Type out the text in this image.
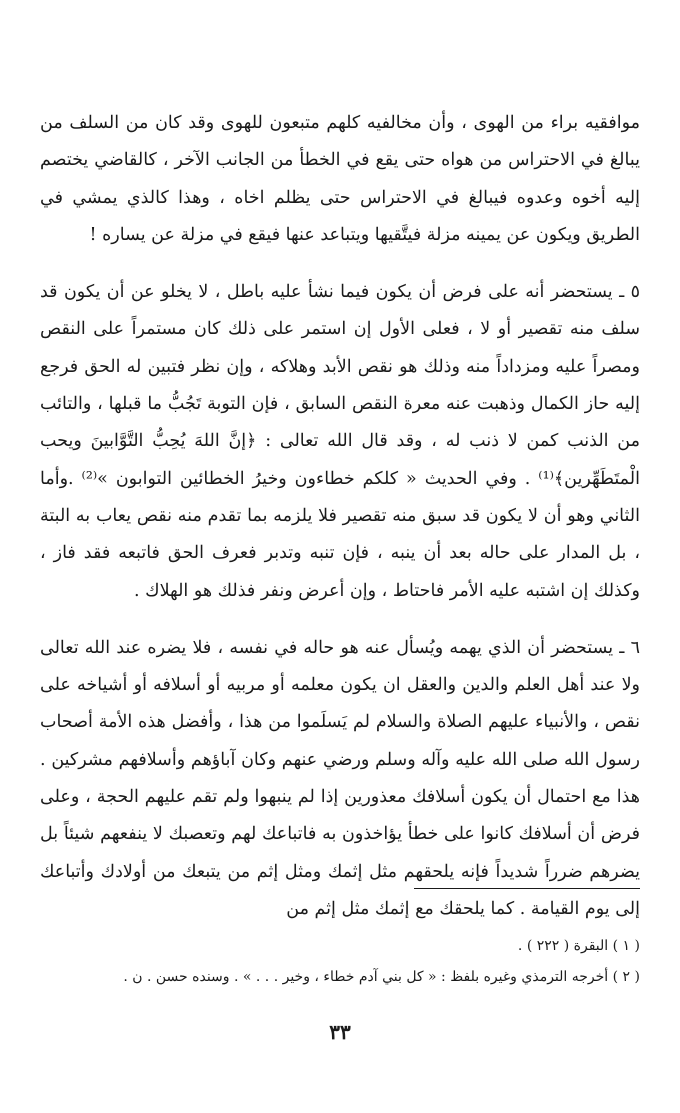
موافقيه براء من الهوى ، وأن مخالفيه كلهم متبعون للهوى وقد كان من السلف من يبالغ في الاحتراس من هواه حتى يقع في الخطأ من الجانب الآخر ، كالقاضي يختصم إليه أخوه وعدوه فيبالغ في الاحتراس حتى يظلم اخاه ، وهذا كالذي يمشي في الطريق ويكون عن يمينه مزلة فيتَّقيها ويتباعد عنها فيقع في مزلة عن يساره !

٥ ـ يستحضر أنه على فرض أن يكون فيما نشأ عليه باطل ، لا يخلو عن أن يكون قد سلف منه تقصير أو لا ، فعلى الأول إن استمر على ذلك كان مستمراً على النقص ومصراً عليه ومزداداً منه وذلك هو نقص الأبد وهلاكه ، وإن نظر فتبين له الحق فرجع إليه حاز الكمال وذهبت عنه معرة النقص السابق ، فإن التوبة تَجُبُّ ما قبلها ، والتائب من الذنب كمن لا ذنب له ، وقد قال الله تعالى : ﴿إنَّ اللهَ يُحِبُّ التَّوَّابينَ ويحب الْمتَطَهِّرين﴾⁽¹⁾ . وفي الحديث « كلكم خطاءون وخيرُ الخطائين التوابون »⁽²⁾ .وأما الثاني وهو أن لا يكون قد سبق منه تقصير فلا يلزمه بما تقدم منه نقص يعاب به البتة ، بل المدار على حاله بعد أن ينبه ، فإن تنبه وتدبر فعرف الحق فاتبعه فقد فاز ، وكذلك إن اشتبه عليه الأمر فاحتاط ، وإن أعرض ونفر فذلك هو الهلاك .

٦ ـ يستحضر أن الذي يهمه ويُسأل عنه هو حاله في نفسه ، فلا يضره عند الله تعالى ولا عند أهل العلم والدين والعقل ان يكون معلمه أو مربيه أو أسلافه أو أشياخه على نقص ، والأنبياء عليهم الصلاة والسلام لم يَسلَموا من هذا ، وأفضل هذه الأمة أصحاب رسول الله صلى الله عليه وآله وسلم ورضي عنهم وكان آباؤهم وأسلافهم مشركين . هذا مع احتمال أن يكون أسلافك معذورين إذا لم ينبهوا ولم تقم عليهم الحجة ، وعلى فرض أن أسلافك كانوا على خطأ يؤاخذون به فاتباعك لهم وتعصبك لا ينفعهم شيئاً بل يضرهم ضرراً شديداً فإنه يلحقهم مثل إثمك ومثل إثم من يتبعك من أولادك وأتباعك إلى يوم القيامة . كما يلحقك مع إثمك مثل إثم من

( ١ ) البقرة ( ٢٢٢ ) .

( ٢ ) أخرجه الترمذي وغيره بلفظ : « كل بني آدم خطاء ، وخير . . . » . وسنده حسن . ن .

٣٣
